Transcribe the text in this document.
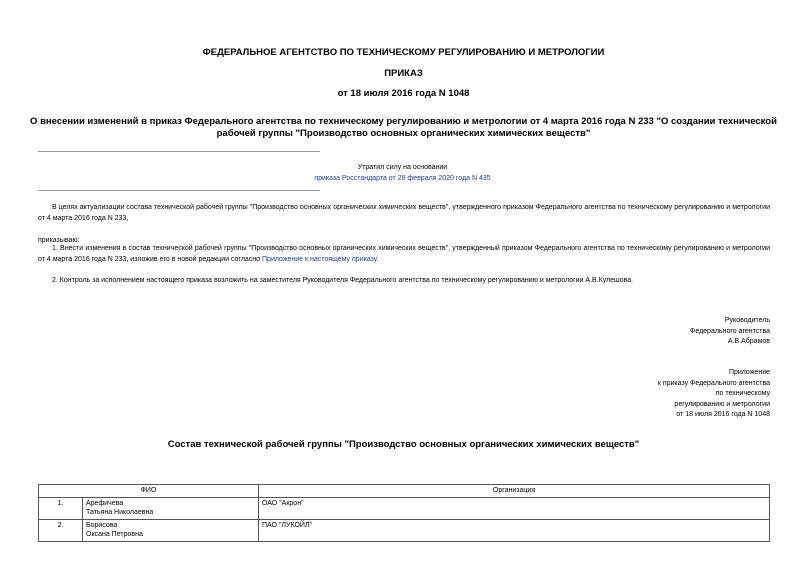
ФЕДЕРАЛЬНОЕ АГЕНТСТВО ПО ТЕХНИЧЕСКОМУ РЕГУЛИРОВАНИЮ И МЕТРОЛОГИИ
ПРИКАЗ
от 18 июля 2016 года N 1048
О внесении изменений в приказ Федерального агентства по техническому регулированию и метрологии от 4 марта 2016 года N 233 "О создании технической
рабочей группы "Производство основных органических химических веществ"
Утратил силу на основании
приказа Росстандарта от 28 февраля 2020 года N 435
В целях актуализации состава технической рабочей группы "Производство основных органических химических веществ", утвержденного приказом Федерального агентства по техническому регулированию и метрологии от 4 марта 2016 года N 233,
приказываю:
1. Внести изменения в состав технической рабочей группы "Производство основных органических химических веществ", утвержденный приказом Федерального агентства по техническому регулированию и метрологии от 4 марта 2016 года N 233, изложив его в новой редакции согласно Приложение к настоящему приказу.
2. Контроль за исполнением настоящего приказа возложить на заместителя Руководителя Федерального агентства по техническому регулированию и метрологии А.В.Кулешова.
Руководитель
Федерального агентства
А.В.Абрамов
Приложение
к приказу Федерального агентства
по техническому
регулированию и метрологии
от 18 июля 2016 года N 1048
Состав технической рабочей группы "Производство основных органических химических веществ"
ФИО		Организация
1.	Арефичева
Татьяна Николаевна	ОАО "Акрон"
2.	Борисова
Оксана Петровна	ПАО "ЛУКОЙЛ"
